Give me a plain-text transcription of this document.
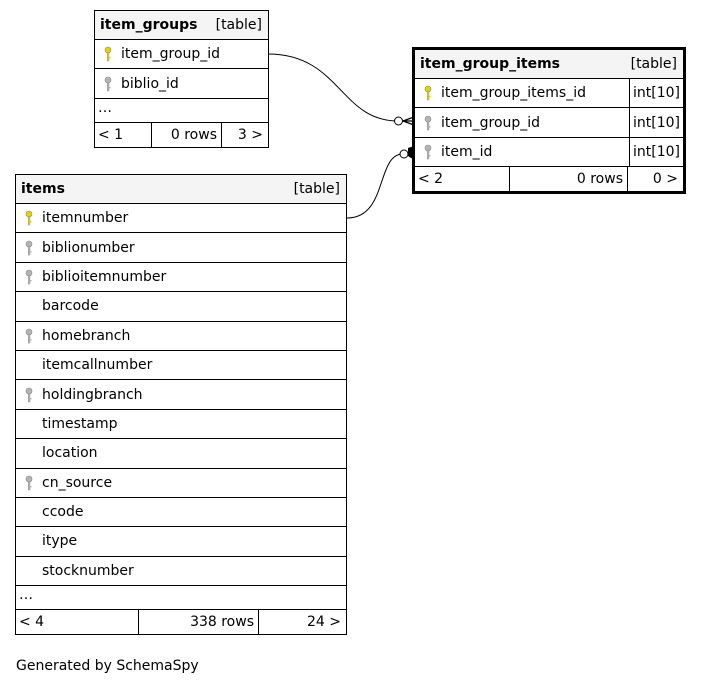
item_groups	[table]
item_group_id
biblio_id
…
< 1	0 rows	3 >
item_group_items	[table]
item_group_items_id	int[10]
item_group_id	int[10]
item_id	int[10]
< 2	0 rows	0 >
items	[table]
itemnumber
biblionumber
biblioitemnumber
barcode
homebranch
itemcallnumber
holdingbranch
timestamp
location
cn_source
ccode
itype
stocknumber
…
< 4	338 rows	24 >
Generated by SchemaSpy
